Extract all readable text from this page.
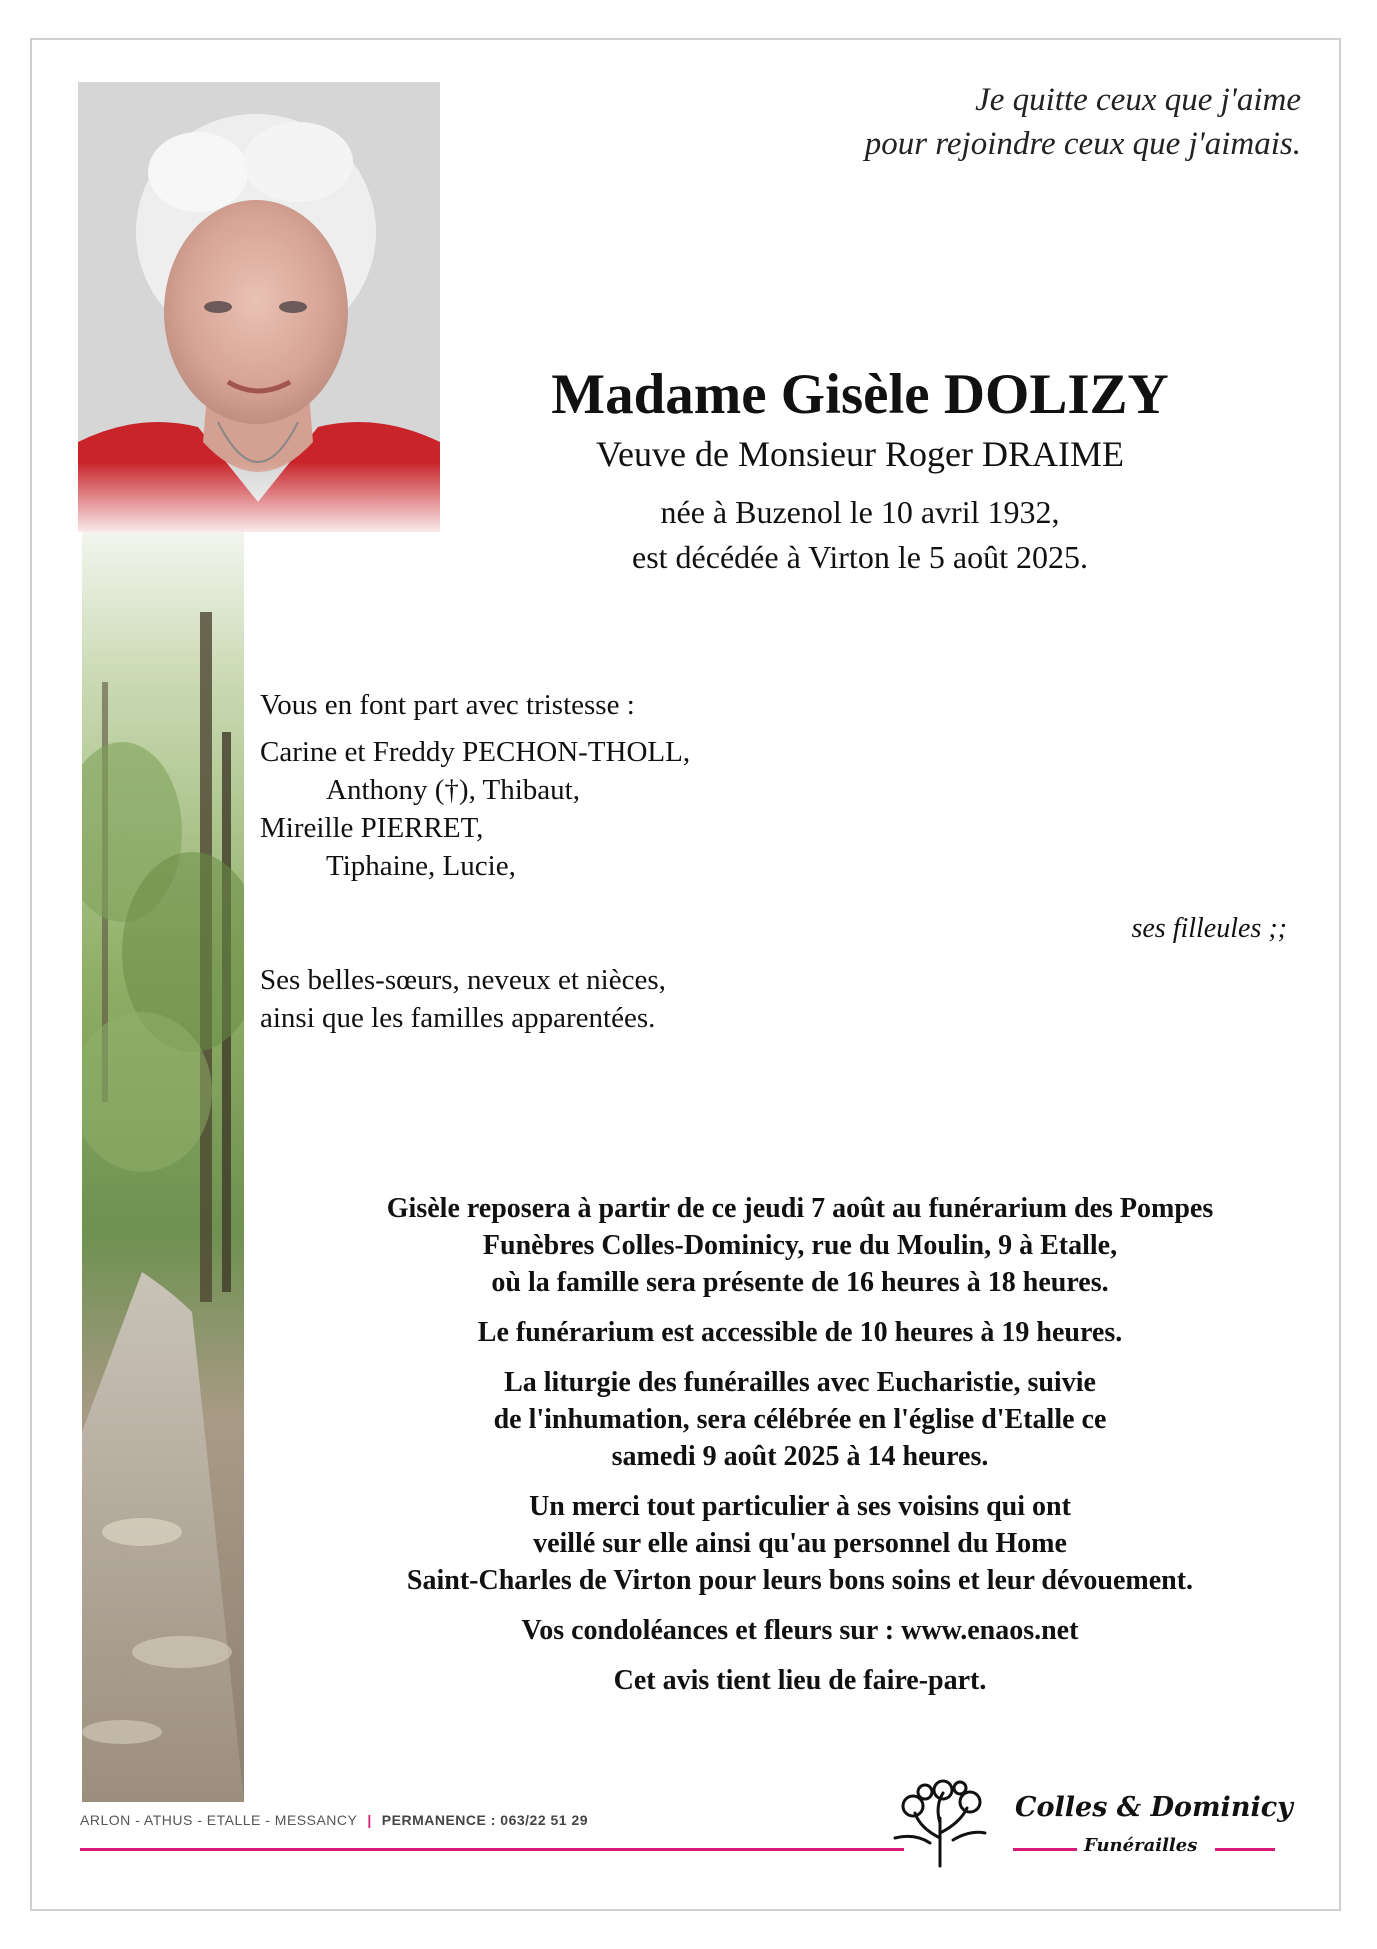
Je quitte ceux que j'aime
pour rejoindre ceux que j'aimais.
Madame Gisèle DOLIZY
Veuve de Monsieur Roger DRAIME
née à Buzenol le 10 avril 1932,
est décédée à Virton le 5 août 2025.

Vous en font part avec tristesse :

Carine et Freddy PECHON-THOLL,

Anthony (†), Thibaut,

Mireille PIERRET,

Tiphaine, Lucie,

Ses belles-sœurs, neveux et nièces,

ainsi que les familles apparentées.

ses filleules ;;

Gisèle reposera à partir de ce jeudi 7 août au funérarium des Pompes
Funèbres Colles-Dominicy, rue du Moulin, 9 à Etalle,
où la famille sera présente de 16 heures à 18 heures.

Le funérarium est accessible de 10 heures à 19 heures.

La liturgie des funérailles avec Eucharistie, suivie
de l'inhumation, sera célébrée en l'église d'Etalle ce
samedi 9 août 2025 à 14 heures.

Un merci tout particulier à ses voisins qui ont
veillé sur elle ainsi qu'au personnel du Home
Saint-Charles de Virton pour leurs bons soins et leur dévouement.

Vos condoléances et fleurs sur : www.enaos.net

Cet avis tient lieu de faire-part.

ARLON - ATHUS - ETALLE - MESSANCY | PERMANENCE : 063/22 51 29	Colles & Dominicy
Funérailles
